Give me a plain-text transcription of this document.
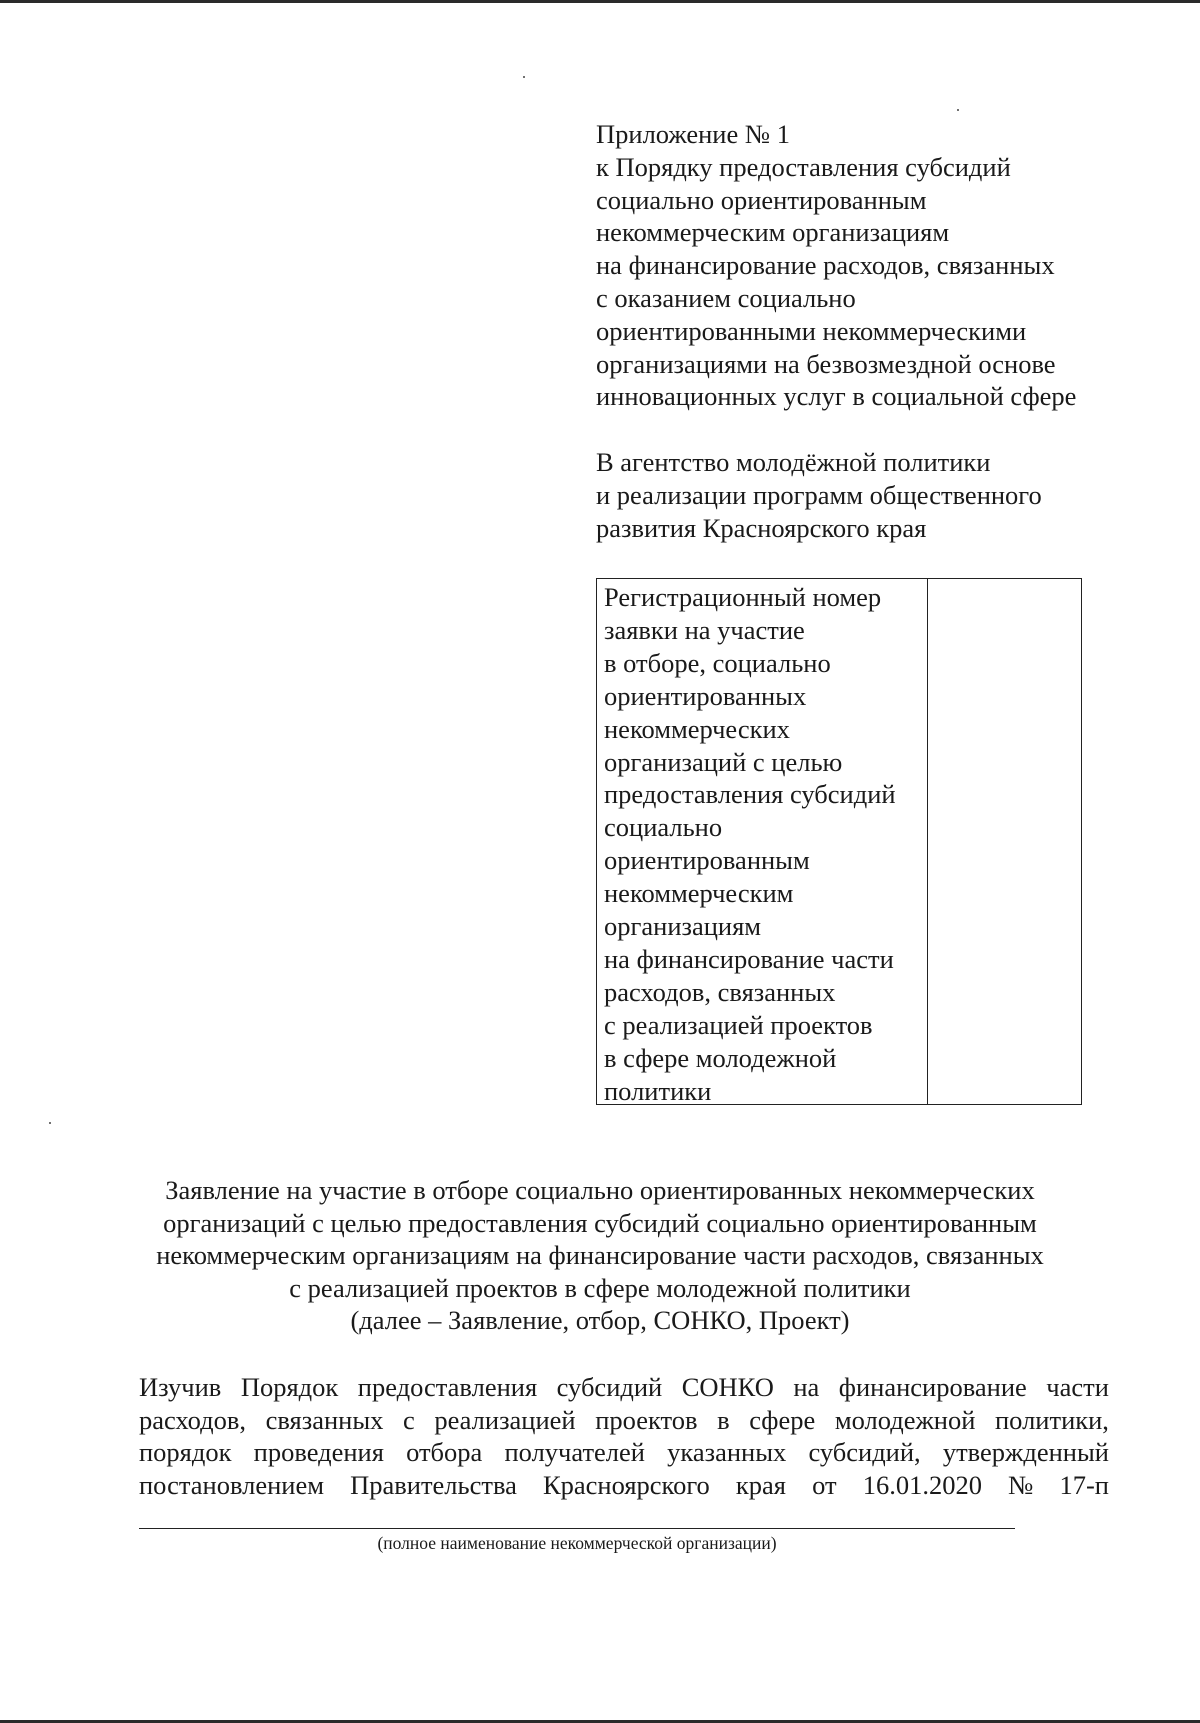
Приложение № 1
к Порядку предоставления субсидий
социально ориентированным
некоммерческим организациям
на финансирование расходов, связанных
с оказанием социально
ориентированными некоммерческими
организациями на безвозмездной основе
инновационных услуг в социальной сфере
В агентство молодёжной политики
и реализации программ общественного
развития Красноярского края
Регистрационный номер
заявки на участие
в отборе, социально
ориентированных
некоммерческих
организаций с целью
предоставления субсидий
социально
ориентированным
некоммерческим
организациям
на финансирование части
расходов, связанных
с реализацией проектов
в сфере молодежной
политики
Заявление на участие в отборе социально ориентированных некоммерческих
организаций с целью предоставления субсидий социально ориентированным
некоммерческим организациям на финансирование части расходов, связанных
с реализацией проектов в сфере молодежной политики
(далее – Заявление, отбор, СОНКО, Проект)
Изучив Порядок предоставления субсидий СОНКО на финансирование части
расходов, связанных с реализацией проектов в сфере молодежной политики,
порядок проведения отбора получателей указанных субсидий, утвержденный
постановлением Правительства Красноярского края от 16.01.2020 № 17-п
(полное наименование некоммерческой организации)
